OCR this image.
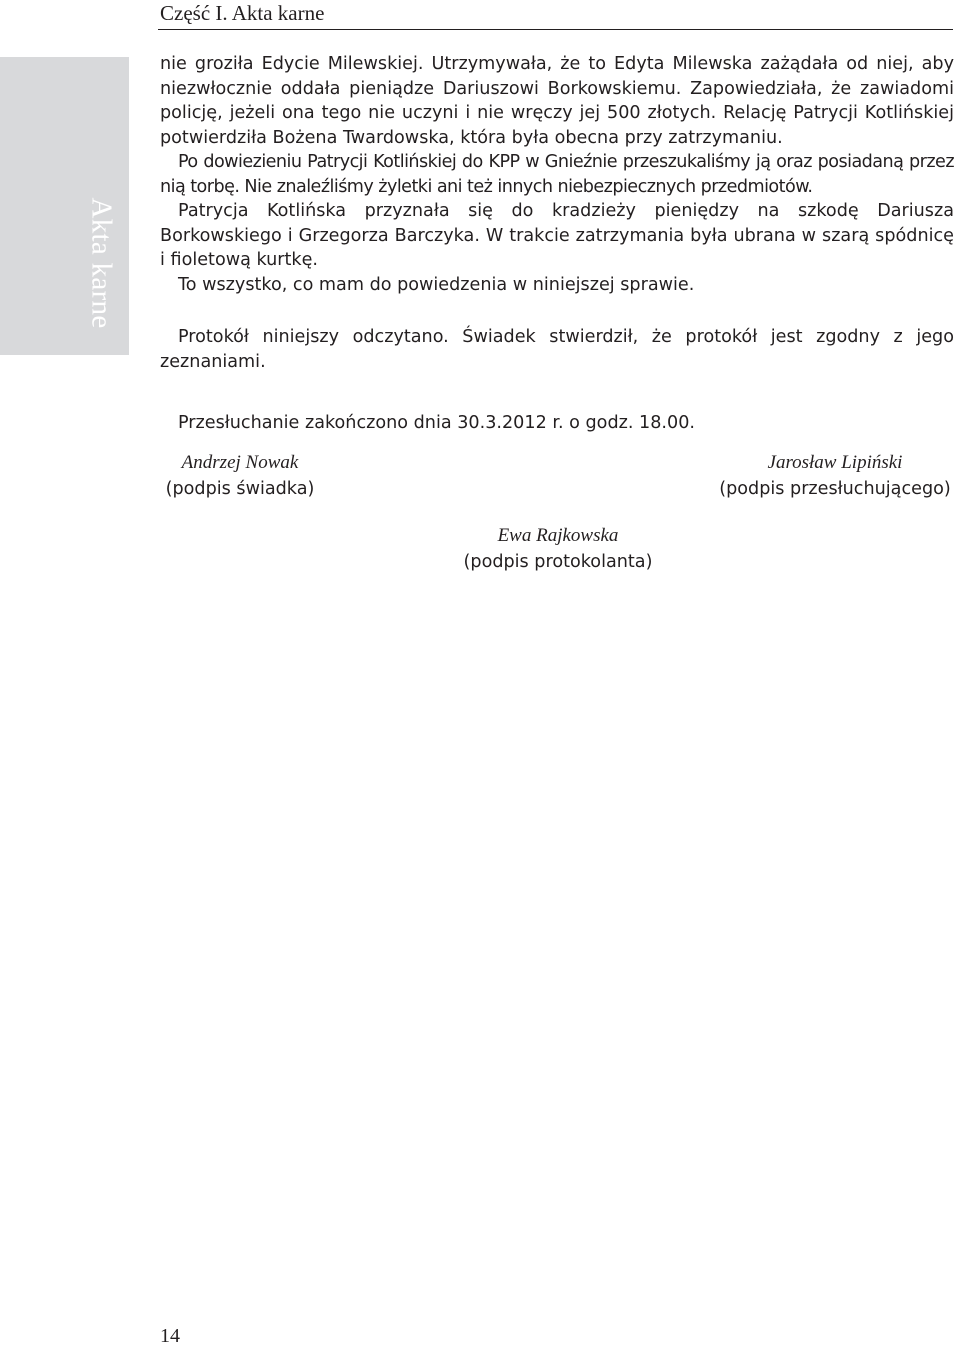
Część I. Akta karne
Akta karne

nie groziła Edycie Milewskiej. Utrzymywała, że to Edyta Milewska zażądała od niej, aby niezwłocznie oddała pieniądze Dariuszowi Borkowskiemu. Zapowiedziała, że zawiadomi policję, jeżeli ona tego nie uczyni i nie wręczy jej 500 złotych. Relację Patrycji Kotlińskiej potwierdziła Bożena Twardowska, która była obecna przy zatrzymaniu.

Po dowiezieniu Patrycji Kotlińskiej do KPP w Gnieźnie przeszukaliśmy ją oraz posiadaną przez nią torbę. Nie znaleźliśmy żyletki ani też innych niebezpiecznych przedmiotów.

Patrycja Kotlińska przyznała się do kradzieży pieniędzy na szkodę Dariusza Borkowskiego i Grzegorza Barczyka. W trakcie zatrzymania była ubrana w szarą spódnicę i fioletową kurtkę.

To wszystko, co mam do powiedzenia w niniejszej sprawie.

Protokół niniejszy odczytano. Świadek stwierdził, że protokół jest zgodny z jego zeznaniami.

Przesłuchanie zakończono dnia 30.3.2012 r. o godz. 18.00.

Andrzej Nowak
(podpis świadka)
Jarosław Lipiński
(podpis przesłuchującego)
Ewa Rajkowska
(podpis protokolanta)
14
